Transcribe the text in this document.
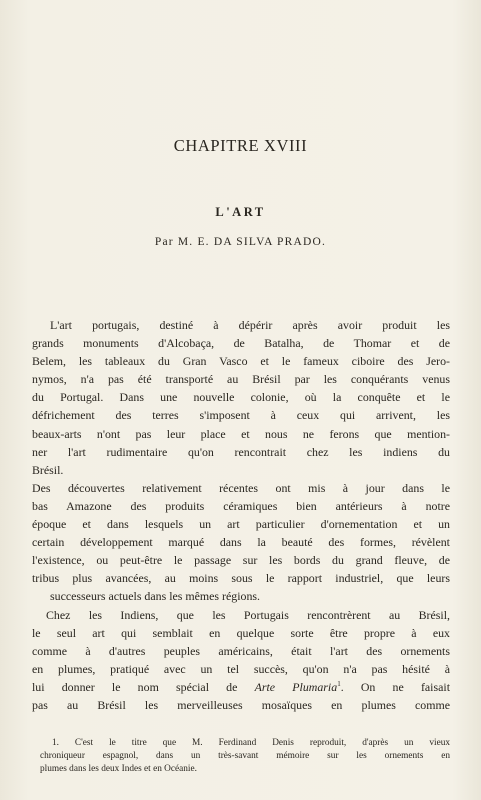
CHAPITRE XVIII
L'ART
Par M. E. DA SILVA PRADO.
L'art portugais, destiné à dépérir après avoir produit les
grands monuments d'Alcobaça, de Batalha, de Thomar et de
Belem, les tableaux du Gran Vasco et le fameux ciboire des Jero-
nymos, n'a pas été transporté au Brésil par les conquérants venus
du Portugal. Dans une nouvelle colonie, où la conquête et le
défrichement des terres s'imposent à ceux qui arrivent, les
beaux-arts n'ont pas leur place et nous ne ferons que mention-
ner l'art rudimentaire qu'on rencontrait chez les indiens du
Brésil.
Des découvertes relativement récentes ont mis à jour dans le
bas Amazone des produits céramiques bien antérieurs à notre
époque et dans lesquels un art particulier d'ornementation et un
certain développement marqué dans la beauté des formes, révèlent
l'existence, ou peut-être le passage sur les bords du grand fleuve, de
tribus plus avancées, au moins sous le rapport industriel, que leurs
successeurs actuels dans les mêmes régions.
Chez les Indiens, que les Portugais rencontrèrent au Brésil,
le seul art qui semblait en quelque sorte être propre à eux
comme à d'autres peuples américains, était l'art des ornements
en plumes, pratiqué avec un tel succès, qu'on n'a pas hésité à
lui donner le nom spécial de Arte Plumaria$^1$. On ne faisait
pas au Brésil les merveilleuses mosaïques en plumes comme
1. C'est le titre que M. Ferdinand Denis reproduit, d'après un vieux
chroniqueur espagnol, dans un très-savant mémoire sur les ornements en
plumes dans les deux Indes et en Océanie.
